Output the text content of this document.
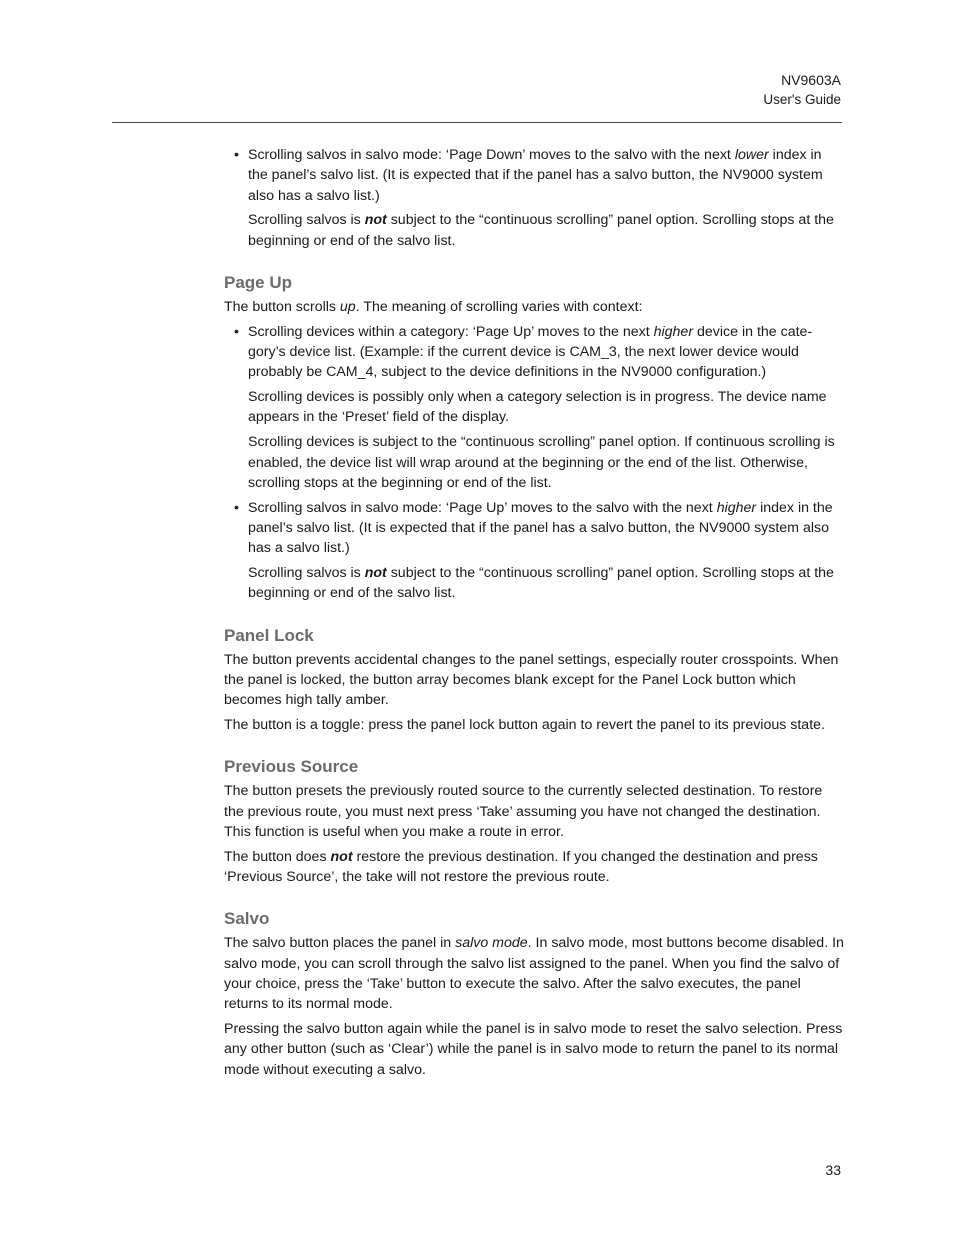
NV9603A
User's Guide
• Scrolling salvos in salvo mode: ‘Page Down’ moves to the salvo with the next lower index in the panel’s salvo list. (It is expected that if the panel has a salvo button, the NV9000 system also has a salvo list.)

Scrolling salvos is not subject to the “continuous scrolling” panel option. Scrolling stops at the beginning or end of the salvo list.

Page Up

The button scrolls up. The meaning of scrolling varies with context:

• Scrolling devices within a category: ‘Page Up’ moves to the next higher device in the category’s device list. (Example: if the current device is CAM_3, the next lower device would probably be CAM_4, subject to the device definitions in the NV9000 configuration.)

Scrolling devices is possibly only when a category selection is in progress. The device name appears in the ‘Preset’ field of the display.

Scrolling devices is subject to the “continuous scrolling” panel option. If continuous scrolling is enabled, the device list will wrap around at the beginning or the end of the list. Otherwise, scrolling stops at the beginning or end of the list.

• Scrolling salvos in salvo mode: ‘Page Up’ moves to the salvo with the next higher index in the panel’s salvo list. (It is expected that if the panel has a salvo button, the NV9000 system also has a salvo list.)

Scrolling salvos is not subject to the “continuous scrolling” panel option. Scrolling stops at the beginning or end of the salvo list.

Panel Lock

The button prevents accidental changes to the panel settings, especially router crosspoints. When the panel is locked, the button array becomes blank except for the Panel Lock button which becomes high tally amber.

The button is a toggle: press the panel lock button again to revert the panel to its previous state.

Previous Source

The button presets the previously routed source to the currently selected destination. To restore the previous route, you must next press ‘Take’ assuming you have not changed the destination. This function is useful when you make a route in error.

The button does not restore the previous destination. If you changed the destination and press ‘Previous Source’, the take will not restore the previous route.

Salvo

The salvo button places the panel in salvo mode. In salvo mode, most buttons become disabled. In salvo mode, you can scroll through the salvo list assigned to the panel. When you find the salvo of your choice, press the ‘Take’ button to execute the salvo. After the salvo executes, the panel returns to its normal mode.

Pressing the salvo button again while the panel is in salvo mode to reset the salvo selection. Press any other button (such as ‘Clear’) while the panel is in salvo mode to return the panel to its normal mode without executing a salvo.

33
